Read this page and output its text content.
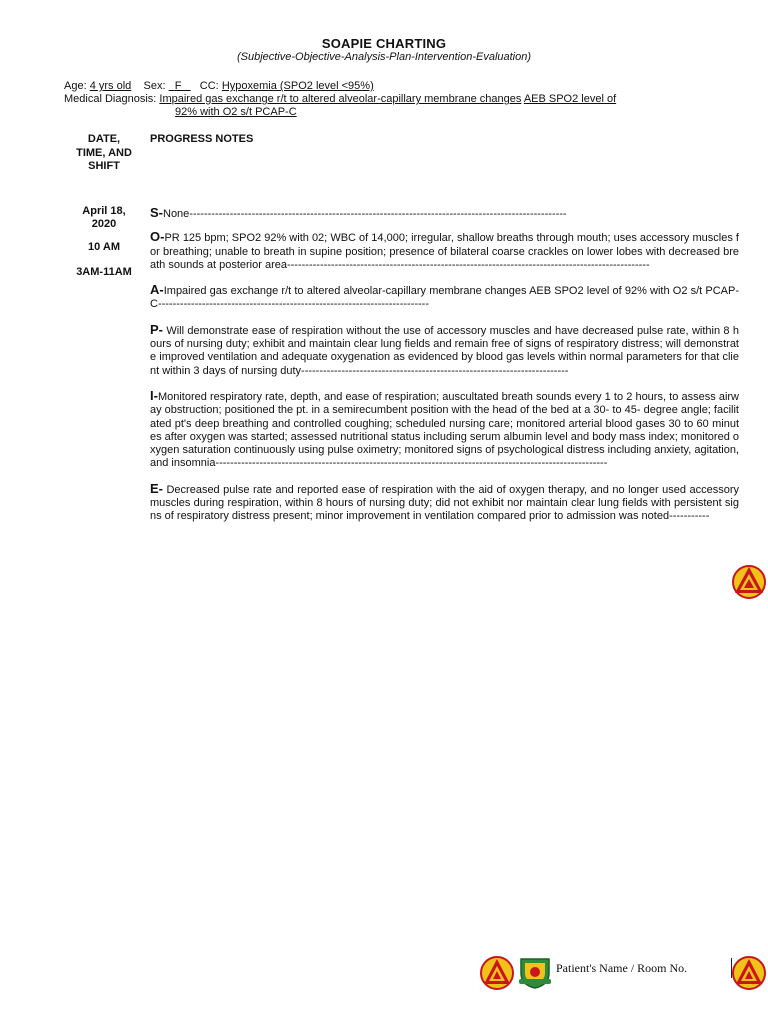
SOAPIE CHARTING
(Subjective-Objective-Analysis-Plan-Intervention-Evaluation)
Age: 4 yrs old Sex: F CC: Hypoxemia (SPO2 level <95%)
Medical Diagnosis: Impaired gas exchange r/t to altered alveolar-capillary membrane changes AEB SPO2 level of
92% with O2 s/t PCAP-C
DATE,
TIME, AND
SHIFT
PROGRESS NOTES
April 18,
2020
10 AM
3AM-11AM

S-None-------------------------------------------------------------------------------------------------------

O-PR 125 bpm; SPO2 92% with 02; WBC of 14,000; irregular, shallow breaths through mouth; uses accessory muscles for breathing; unable to breath in supine position; presence of bilateral coarse crackles on lower lobes with decreased breath sounds at posterior area---------------------------------------------------------------------------------------------------

A-Impaired gas exchange r/t to altered alveolar-capillary membrane changes AEB SPO2 level of 92% with O2 s/t PCAP-C--------------------------------------------------------------------------

P- Will demonstrate ease of respiration without the use of accessory muscles and have decreased pulse rate, within 8 hours of nursing duty; exhibit and maintain clear lung fields and remain free of signs of respiratory distress; will demonstrate improved ventilation and adequate oxygenation as evidenced by blood gas levels within normal parameters for that client within 3 days of nursing duty-------------------------------------------------------------------------

I-Monitored respiratory rate, depth, and ease of respiration; auscultated breath sounds every 1 to 2 hours, to assess airway obstruction; positioned the pt. in a semirecumbent position with the head of the bed at a 30- to 45- degree angle; facilitated pt's deep breathing and controlled coughing; scheduled nursing care; monitored arterial blood gases 30 to 60 minutes after oxygen was started; assessed nutritional status including serum albumin level and body mass index; monitored oxygen saturation continuously using pulse oximetry; monitored signs of psychological distress including anxiety, agitation, and insomnia-----------------------------------------------------------------------------------------------------------

E- Decreased pulse rate and reported ease of respiration with the aid of oxygen therapy, and no longer used accessory muscles during respiration, within 8 hours of nursing duty; did not exhibit nor maintain clear lung fields with persistent signs of respiratory distress present; minor improvement in ventilation compared prior to admission was noted-----------

Patient's Name / Room No.
